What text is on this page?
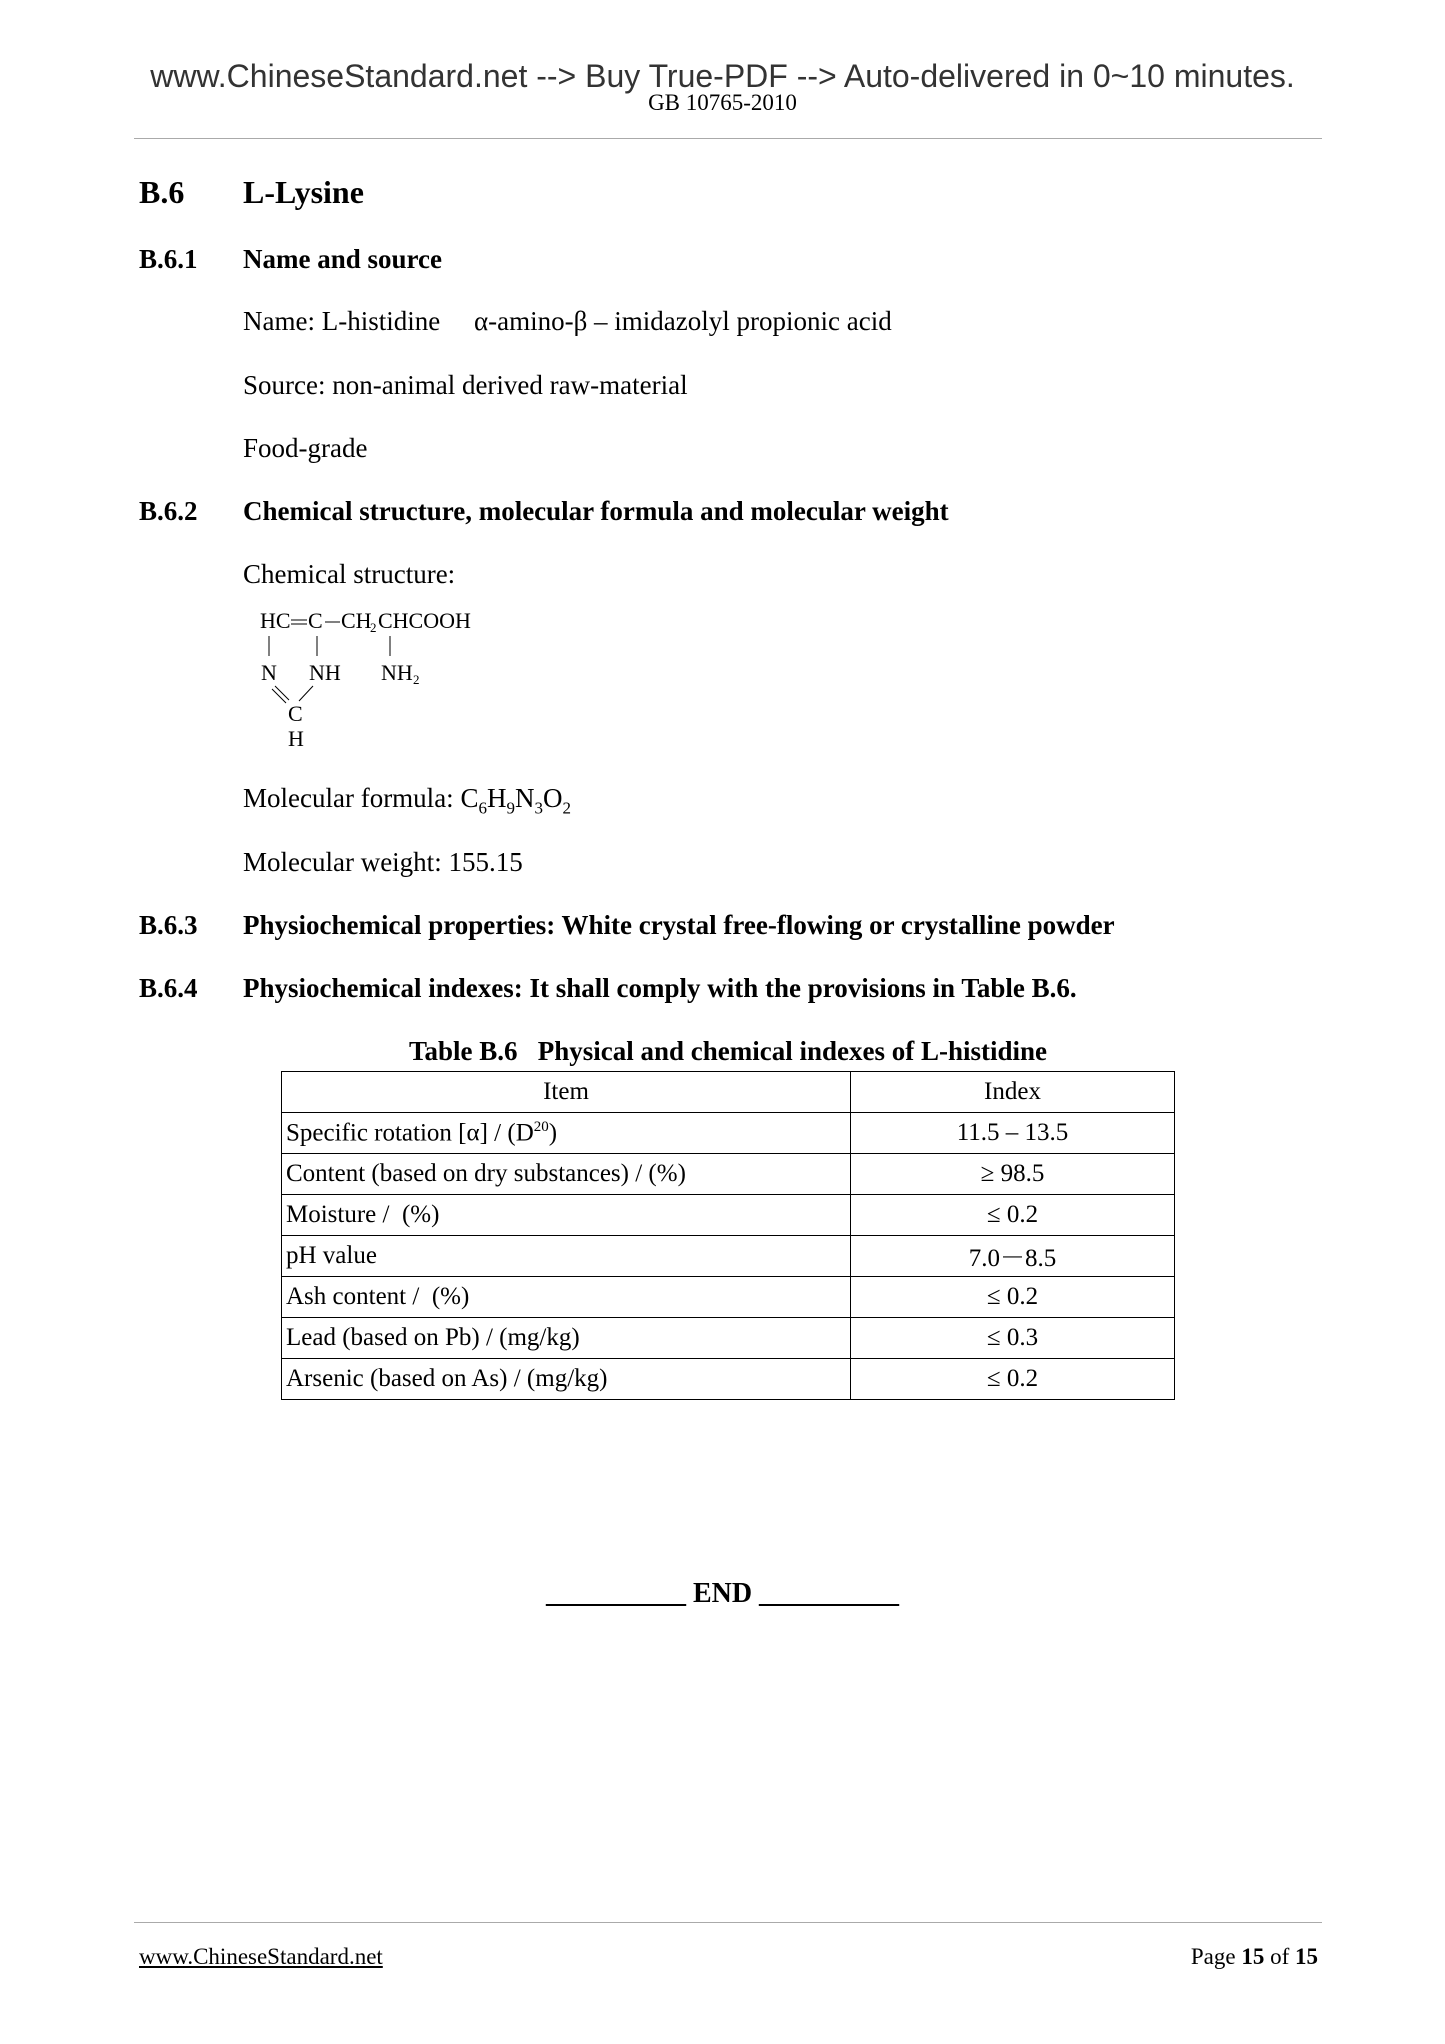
www.ChineseStandard.net --> Buy True-PDF --> Auto-delivered in 0~10 minutes.
GB 10765-2010
B.6 L-Lysine
B.6.1 Name and source
Name: L-histidine     α-amino-β – imidazolyl propionic acid
Source: non-animal derived raw-material
Food-grade
B.6.2 Chemical structure, molecular formula and molecular weight
Chemical structure:
HC C CH
2 CHCOOH
N NH NH 2
C
H
Molecular formula: $C_6H_9N_3O_2$
Molecular weight: 155.15
B.6.3 Physiochemical properties: White crystal free-flowing or crystalline powder
B.6.4 Physiochemical indexes: It shall comply with the provisions in Table B.6.
Table B.6   Physical and chemical indexes of L-histidine
Item	Index
Specific rotation $[\alpha] / (D^{20})$	11.5 – 13.5
Content (based on dry substances) / (%)	≥ 98.5
Moisture /  (%)	≤ 0.2
pH value	7.0－8.5
Ash content /  (%)	≤ 0.2
Lead (based on Pb) / (mg/kg)	≤ 0.3
Arsenic (based on As) / (mg/kg)	≤ 0.2
__________ END __________
www.ChineseStandard.net	Page 15 of 15
